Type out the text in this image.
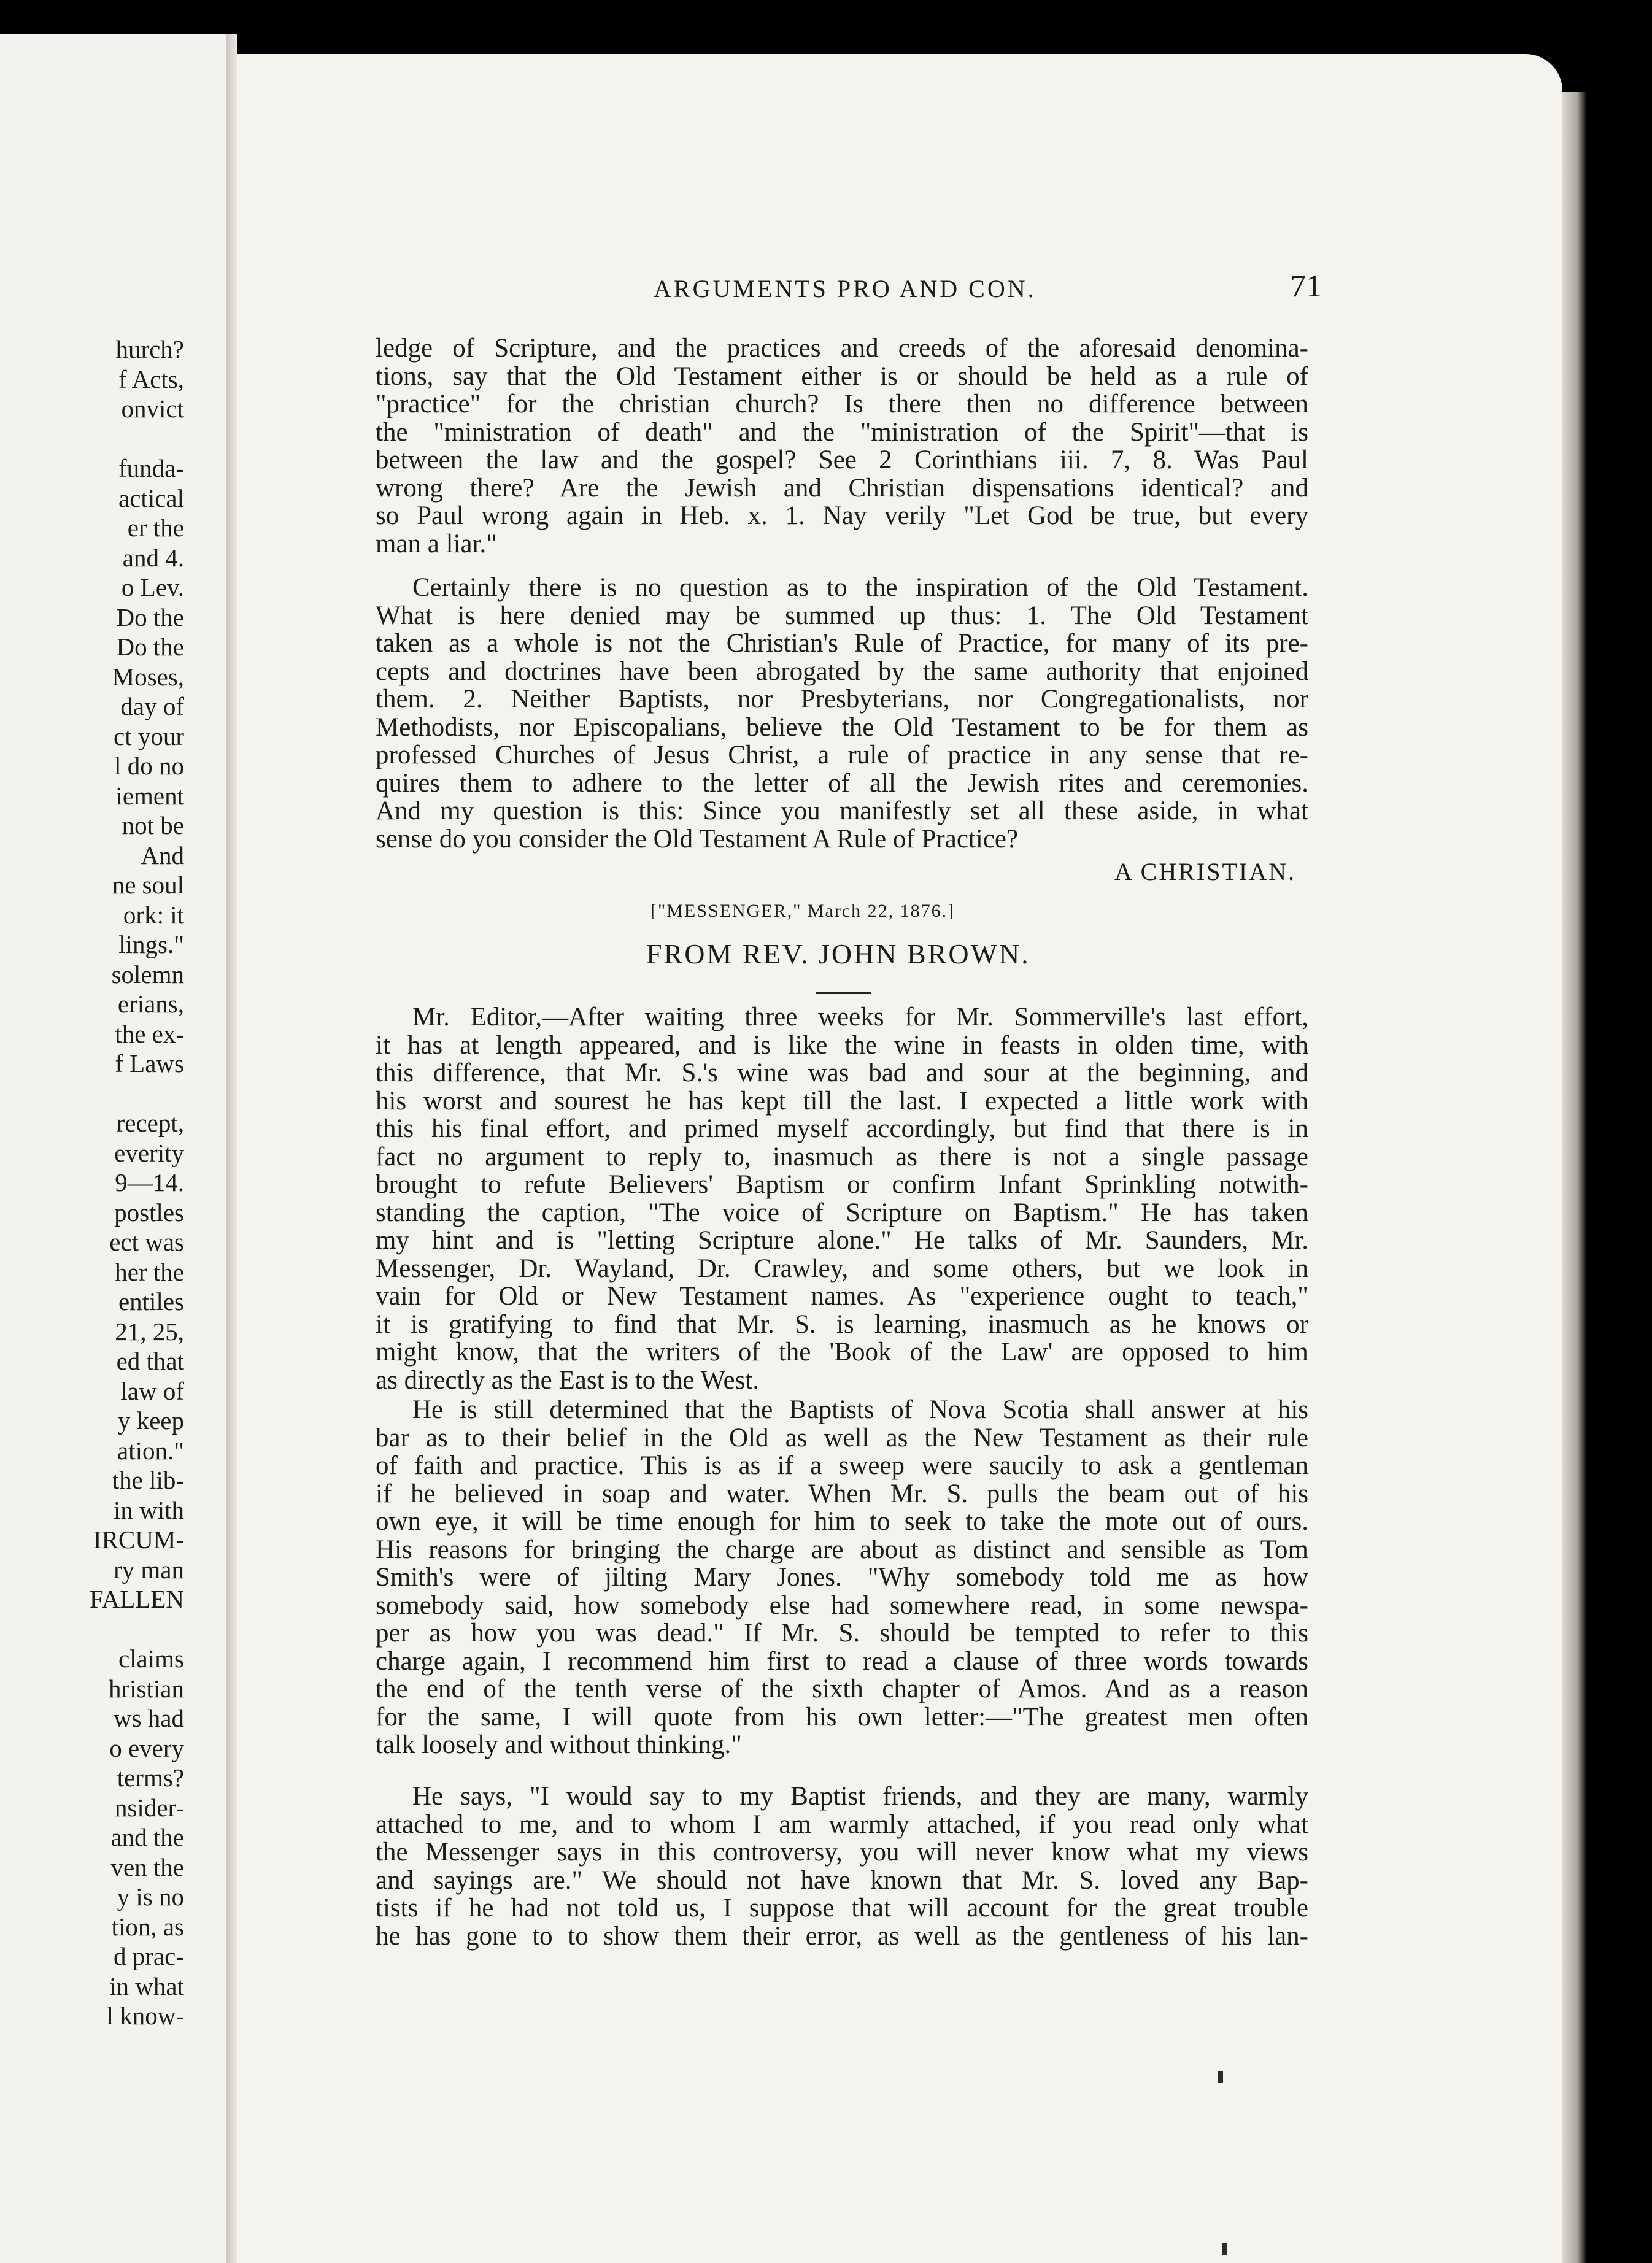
hurch?
f Acts,
onvict
funda-
actical
er the
and 4.
o Lev.
Do the
Do the
Moses,
day of
ct your
l do no
iement
not be
And
ne soul
ork: it
lings."
solemn
erians,
the ex-
f Laws
recept,
everity
9—14.
postles
ect was
her the
entiles
21, 25,
ed that
law of
y keep
ation."
the lib-
in with
IRCUM-
ry man
FALLEN
claims
hristian
ws had
o every
terms?
nsider-
and the
ven the
y is no
tion, as
d prac-
in what
l know-
ARGUMENTS PRO AND CON.	71
ledge of Scripture, and the practices and creeds of the aforesaid denomina-
tions, say that the Old Testament either is or should be held as a rule of
"practice" for the christian church? Is there then no difference between
the "ministration of death" and the "ministration of the Spirit"—that is
between the law and the gospel? See 2 Corinthians iii. 7, 8. Was Paul
wrong there? Are the Jewish and Christian dispensations identical? and
so Paul wrong again in Heb. x. 1. Nay verily "Let God be true, but every
man a liar."
Certainly there is no question as to the inspiration of the Old Testament.
What is here denied may be summed up thus: 1. The Old Testament
taken as a whole is not the Christian's Rule of Practice, for many of its pre-
cepts and doctrines have been abrogated by the same authority that enjoined
them. 2. Neither Baptists, nor Presbyterians, nor Congregationalists, nor
Methodists, nor Episcopalians, believe the Old Testament to be for them as
professed Churches of Jesus Christ, a rule of practice in any sense that re-
quires them to adhere to the letter of all the Jewish rites and ceremonies.
And my question is this: Since you manifestly set all these aside, in what
sense do you consider the Old Testament A Rule of Practice?
A CHRISTIAN.
["MESSENGER," March 22, 1876.]
FROM REV. JOHN BROWN.
Mr. Editor,—After waiting three weeks for Mr. Sommerville's last effort,
it has at length appeared, and is like the wine in feasts in olden time, with
this difference, that Mr. S.'s wine was bad and sour at the beginning, and
his worst and sourest he has kept till the last. I expected a little work with
this his final effort, and primed myself accordingly, but find that there is in
fact no argument to reply to, inasmuch as there is not a single passage
brought to refute Believers' Baptism or confirm Infant Sprinkling notwith-
standing the caption, "The voice of Scripture on Baptism." He has taken
my hint and is "letting Scripture alone." He talks of Mr. Saunders, Mr.
Messenger, Dr. Wayland, Dr. Crawley, and some others, but we look in
vain for Old or New Testament names. As "experience ought to teach,"
it is gratifying to find that Mr. S. is learning, inasmuch as he knows or
might know, that the writers of the 'Book of the Law' are opposed to him
as directly as the East is to the West.
He is still determined that the Baptists of Nova Scotia shall answer at his
bar as to their belief in the Old as well as the New Testament as their rule
of faith and practice. This is as if a sweep were saucily to ask a gentleman
if he believed in soap and water. When Mr. S. pulls the beam out of his
own eye, it will be time enough for him to seek to take the mote out of ours.
His reasons for bringing the charge are about as distinct and sensible as Tom
Smith's were of jilting Mary Jones. "Why somebody told me as how
somebody said, how somebody else had somewhere read, in some newspa-
per as how you was dead." If Mr. S. should be tempted to refer to this
charge again, I recommend him first to read a clause of three words towards
the end of the tenth verse of the sixth chapter of Amos. And as a reason
for the same, I will quote from his own letter:—"The greatest men often
talk loosely and without thinking."
He says, "I would say to my Baptist friends, and they are many, warmly
attached to me, and to whom I am warmly attached, if you read only what
the Messenger says in this controversy, you will never know what my views
and sayings are." We should not have known that Mr. S. loved any Bap-
tists if he had not told us, I suppose that will account for the great trouble
he has gone to to show them their error, as well as the gentleness of his lan-
